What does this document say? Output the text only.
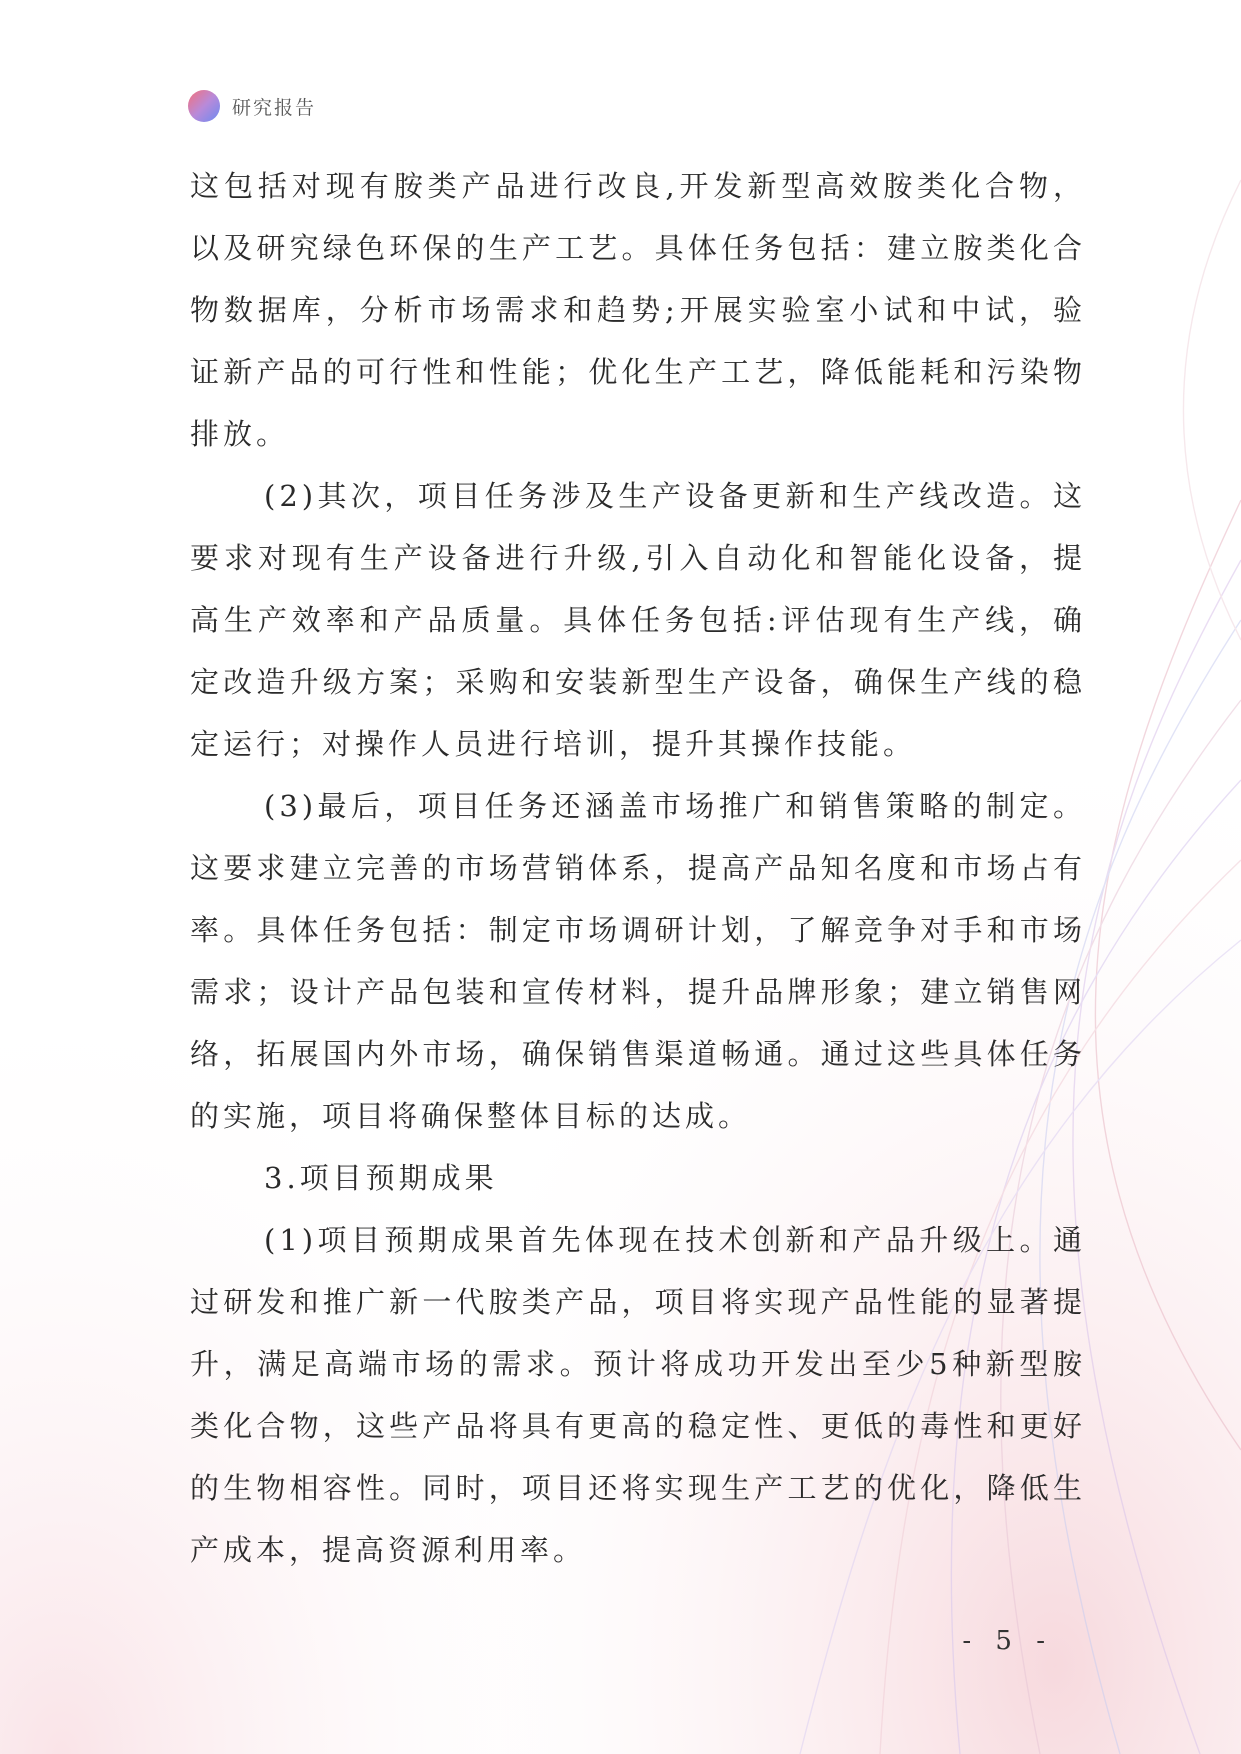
研究报告

这包括对现有胺类产品进行改良,开发新型高效胺类化合物，以及研究绿色环保的生产工艺。具体任务包括：建立胺类化合物数据库，分析市场需求和趋势;开展实验室小试和中试，验证新产品的可行性和性能；优化生产工艺，降低能耗和污染物排放。

(2)其次，项目任务涉及生产设备更新和生产线改造。这要求对现有生产设备进行升级,引入自动化和智能化设备，提高生产效率和产品质量。具体任务包括:评估现有生产线，确定改造升级方案；采购和安装新型生产设备，确保生产线的稳定运行；对操作人员进行培训，提升其操作技能。

(3)最后，项目任务还涵盖市场推广和销售策略的制定。这要求建立完善的市场营销体系，提高产品知名度和市场占有率。具体任务包括：制定市场调研计划，了解竞争对手和市场需求；设计产品包装和宣传材料，提升品牌形象；建立销售网络，拓展国内外市场，确保销售渠道畅通。通过这些具体任务的实施，项目将确保整体目标的达成。

3.项目预期成果

(1)项目预期成果首先体现在技术创新和产品升级上。通过研发和推广新一代胺类产品，项目将实现产品性能的显著提升，满足高端市场的需求。预计将成功开发出至少5种新型胺类化合物，这些产品将具有更高的稳定性、更低的毒性和更好的生物相容性。同时，项目还将实现生产工艺的优化，降低生产成本，提高资源利用率。

- 5 -
